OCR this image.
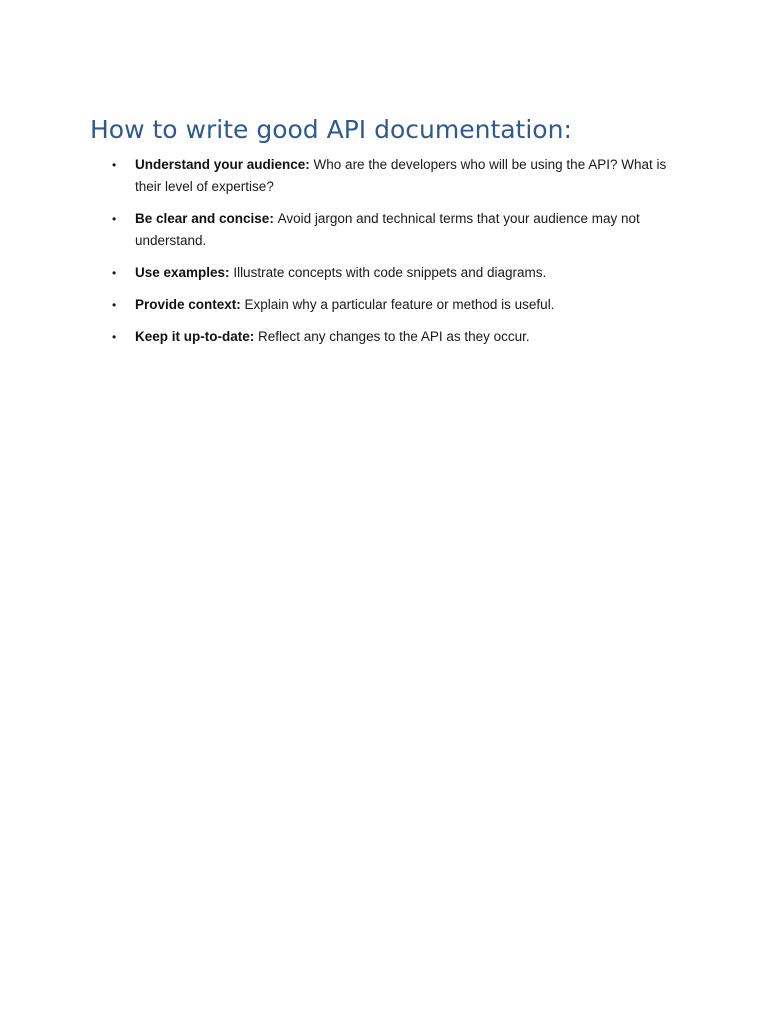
How to write good API documentation:
• Understand your audience: Who are the developers who will be using the API? What is their level of expertise?
• Be clear and concise: Avoid jargon and technical terms that your audience may not understand.
• Use examples: Illustrate concepts with code snippets and diagrams.
• Provide context: Explain why a particular feature or method is useful.
• Keep it up-to-date: Reflect any changes to the API as they occur.
